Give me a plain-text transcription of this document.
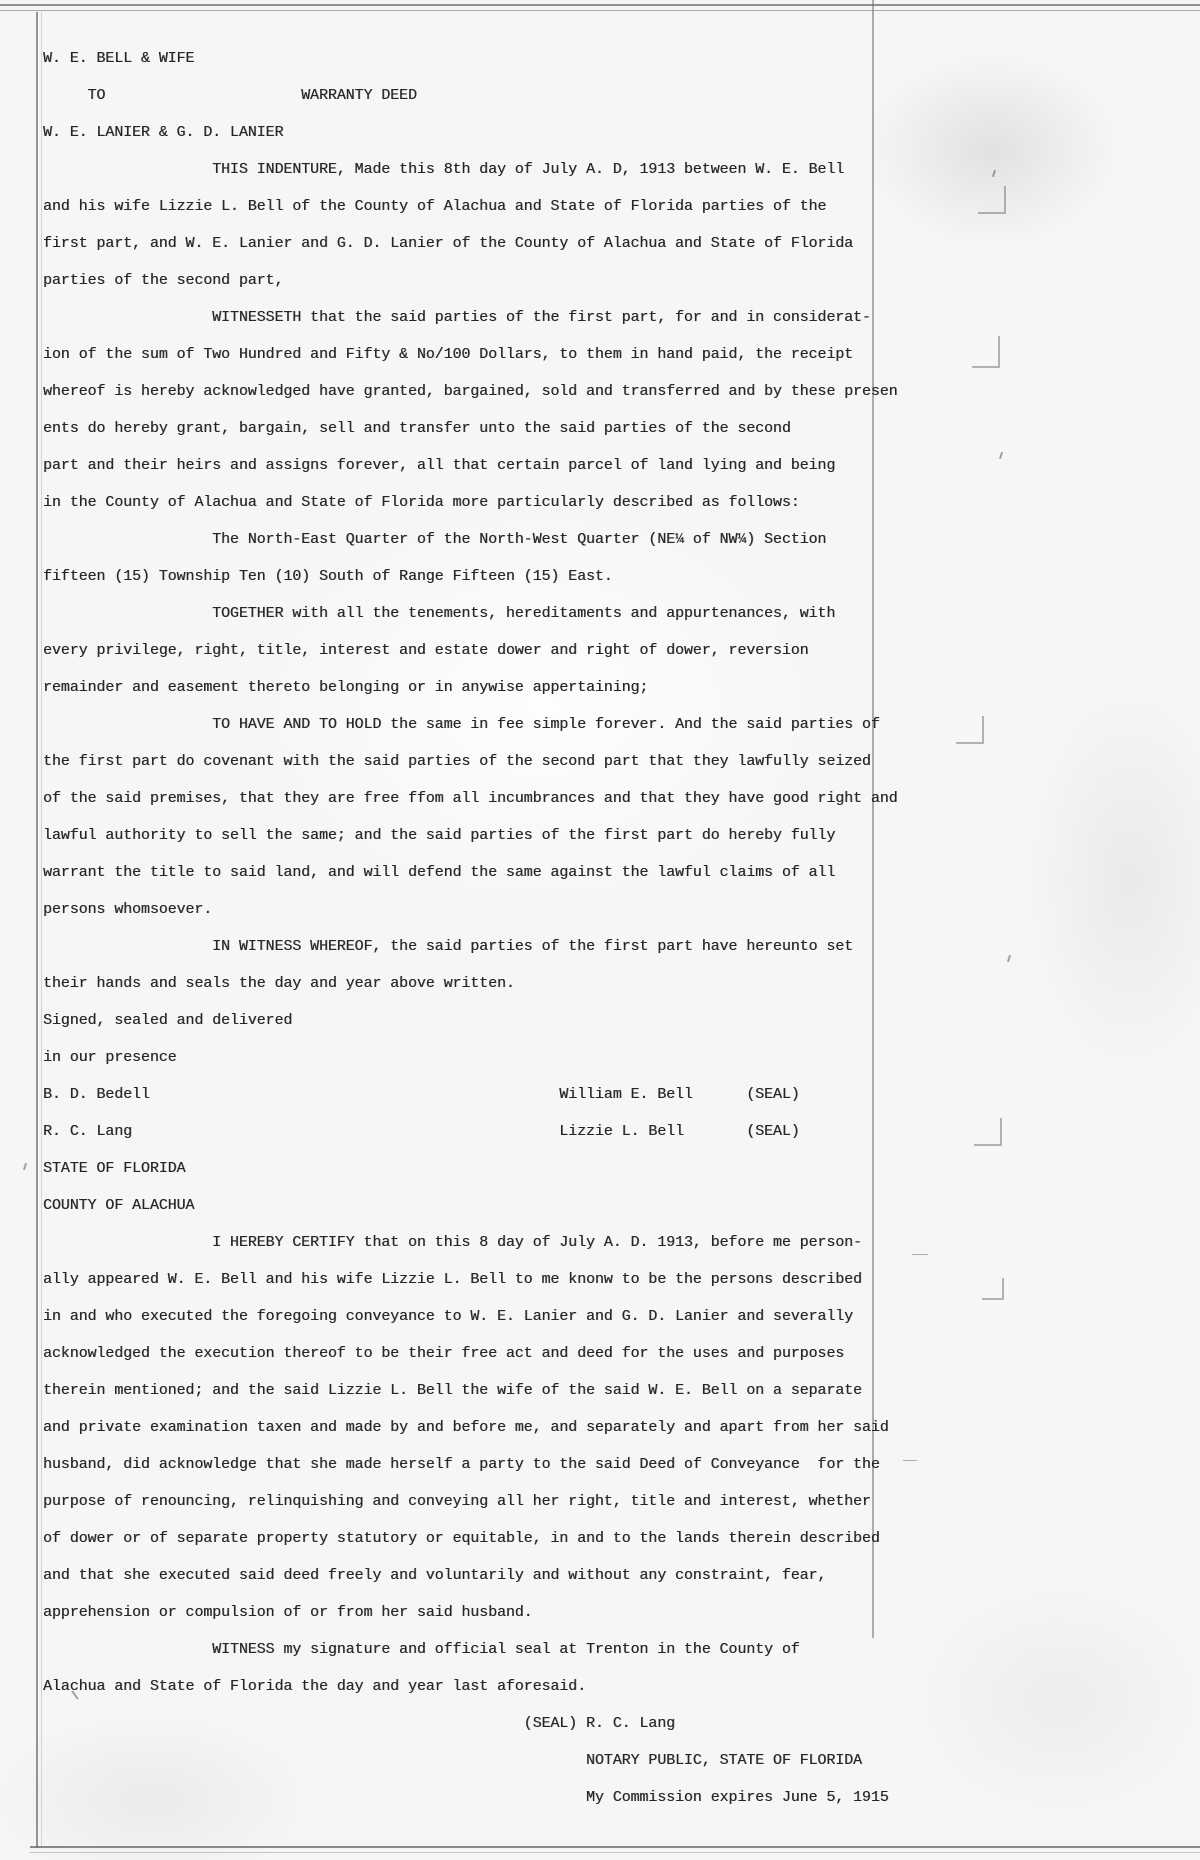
W. E. BELL & WIFE
TO                      WARRANTY DEED
W. E. LANIER & G. D. LANIER
THIS INDENTURE, Made this 8th day of July A. D, 1913 between W. E. Bell
and his wife Lizzie L. Bell of the County of Alachua and State of Florida parties of the
first part, and W. E. Lanier and G. D. Lanier of the County of Alachua and State of Florida
parties of the second part,
WITNESSETH that the said parties of the first part, for and in considerat-
ion of the sum of Two Hundred and Fifty & No/100 Dollars, to them in hand paid, the receipt
whereof is hereby acknowledged have granted, bargained, sold and transferred and by these presen
ents do hereby grant, bargain, sell and transfer unto the said parties of the second
part and their heirs and assigns forever, all that certain parcel of land lying and being
in the County of Alachua and State of Florida more particularly described as follows:
The North-East Quarter of the North-West Quarter (NE¼ of NW¼) Section
fifteen (15) Township Ten (10) South of Range Fifteen (15) East.
TOGETHER with all the tenements, hereditaments and appurtenances, with
every privilege, right, title, interest and estate dower and right of dower, reversion
remainder and easement thereto belonging or in anywise appertaining;
TO HAVE AND TO HOLD the same in fee simple forever. And the said parties of
the first part do covenant with the said parties of the second part that they lawfully seized
of the said premises, that they are free ffom all incumbrances and that they have good right and
lawful authority to sell the same; and the said parties of the first part do hereby fully
warrant the title to said land, and will defend the same against the lawful claims of all
persons whomsoever.
IN WITNESS WHEREOF, the said parties of the first part have hereunto set
their hands and seals the day and year above written.
Signed, sealed and delivered
in our presence
B. D. Bedell                                              William E. Bell      (SEAL)
R. C. Lang                                                Lizzie L. Bell       (SEAL)
STATE OF FLORIDA
COUNTY OF ALACHUA
I HEREBY CERTIFY that on this 8 day of July A. D. 1913, before me person-
ally appeared W. E. Bell and his wife Lizzie L. Bell to me knonw to be the persons described
in and who executed the foregoing conveyance to W. E. Lanier and G. D. Lanier and severally
acknowledged the execution thereof to be their free act and deed for the uses and purposes
therein mentioned; and the said Lizzie L. Bell the wife of the said W. E. Bell on a separate
and private examination taxen and made by and before me, and separately and apart from her said
husband, did acknowledge that she made herself a party to the said Deed of Conveyance  for the
purpose of renouncing, relinquishing and conveying all her right, title and interest, whether
of dower or of separate property statutory or equitable, in and to the lands therein described
and that she executed said deed freely and voluntarily and without any constraint, fear,
apprehension or compulsion of or from her said husband.
WITNESS my signature and official seal at Trenton in the County of
Alachua and State of Florida the day and year last aforesaid.
(SEAL) R. C. Lang
NOTARY PUBLIC, STATE OF FLORIDA
My Commission expires June 5, 1915
